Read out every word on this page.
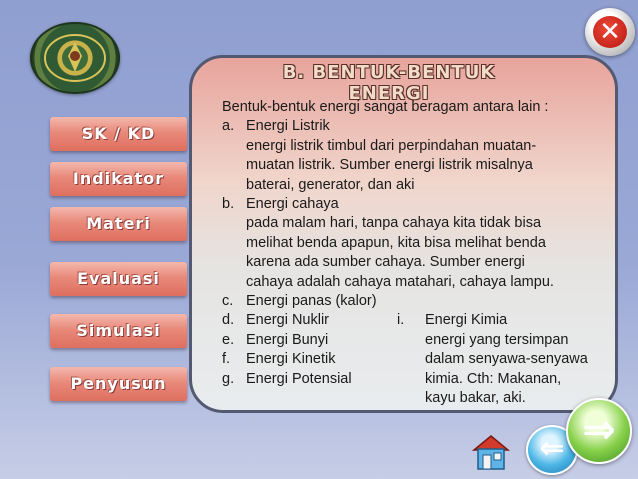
✕
SK / KD
Indikator
Materi
Evaluasi
Simulasi
Penyusun
B. BENTUK-BENTUK ENERGI
Bentuk-bentuk energi sangat beragam antara lain :
a. Energi Listrik
energi listrik timbul dari perpindahan muatan-
muatan listrik. Sumber energi listrik misalnya
baterai, generator, dan aki
b. Energi cahaya
pada malam hari, tanpa cahaya kita tidak bisa
melihat benda apapun, kita bisa melihat benda
karena ada sumber cahaya. Sumber energi
cahaya adalah cahaya matahari, cahaya lampu.
c. Energi panas (kalor)
d. Energi Nuklir
e. Energi Bunyi
f. Energi Kinetik
g. Energi Potensial
i. Energi Kimia
energi yang tersimpan
dalam senyawa-senyawa
kimia. Cth: Makanan,
kayu bakar, aki.
⇐ ⇒
